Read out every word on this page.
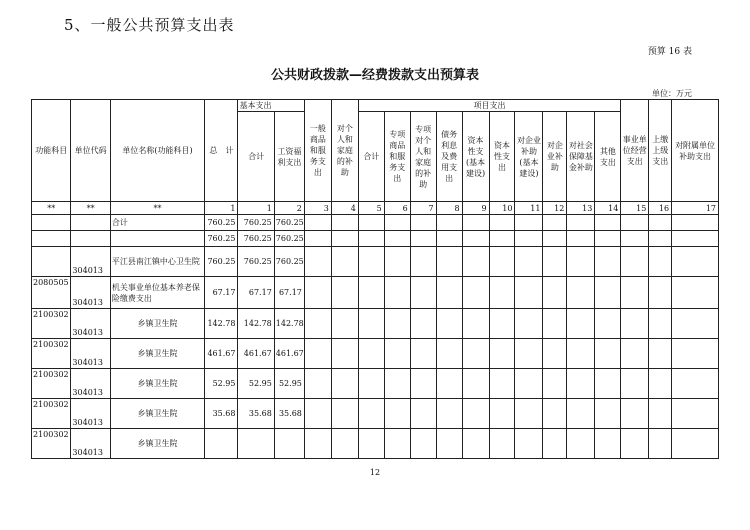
5、一般公共预算支出表
预算 16 表
公共财政拨款—经费拨款支出预算表
单位：万元
功能科目	单位代码	单位名称(功能科目)	总　计	基本支出		一般商品和服务支出	对个人和家庭的补助	项目支出										事业单位经营支出	上缴上级支出	对附属单位补助支出
				合计	工资福利支出			合计	专项商品和服务支出	专项对个人和家庭的补助	债务利息及费用支出	资本性支(基本建设)	资本性支出	对企业补助(基本建设)	对企业补助	对社会保障基金补助	其他支出			
**	**	**	1	1	2	3	4	5	6	7	8	9	10	11	12	13	14	15	16	17
		合计	760.25	760.25	760.25															
			760.25	760.25	760.25															
	304013	平江县南江镇中心卫生院	760.25	760.25	760.25															
2080505	304013	机关事业单位基本养老保险缴费支出	67.17	67.17	67.17															
2100302	304013	乡镇卫生院	142.78	142.78	142.78															
2100302	304013	乡镇卫生院	461.67	461.67	461.67															
2100302	304013	乡镇卫生院	52.95	52.95	52.95															
2100302	304013	乡镇卫生院	35.68	35.68	35.68															
2100302	304013	乡镇卫生院																		
12
